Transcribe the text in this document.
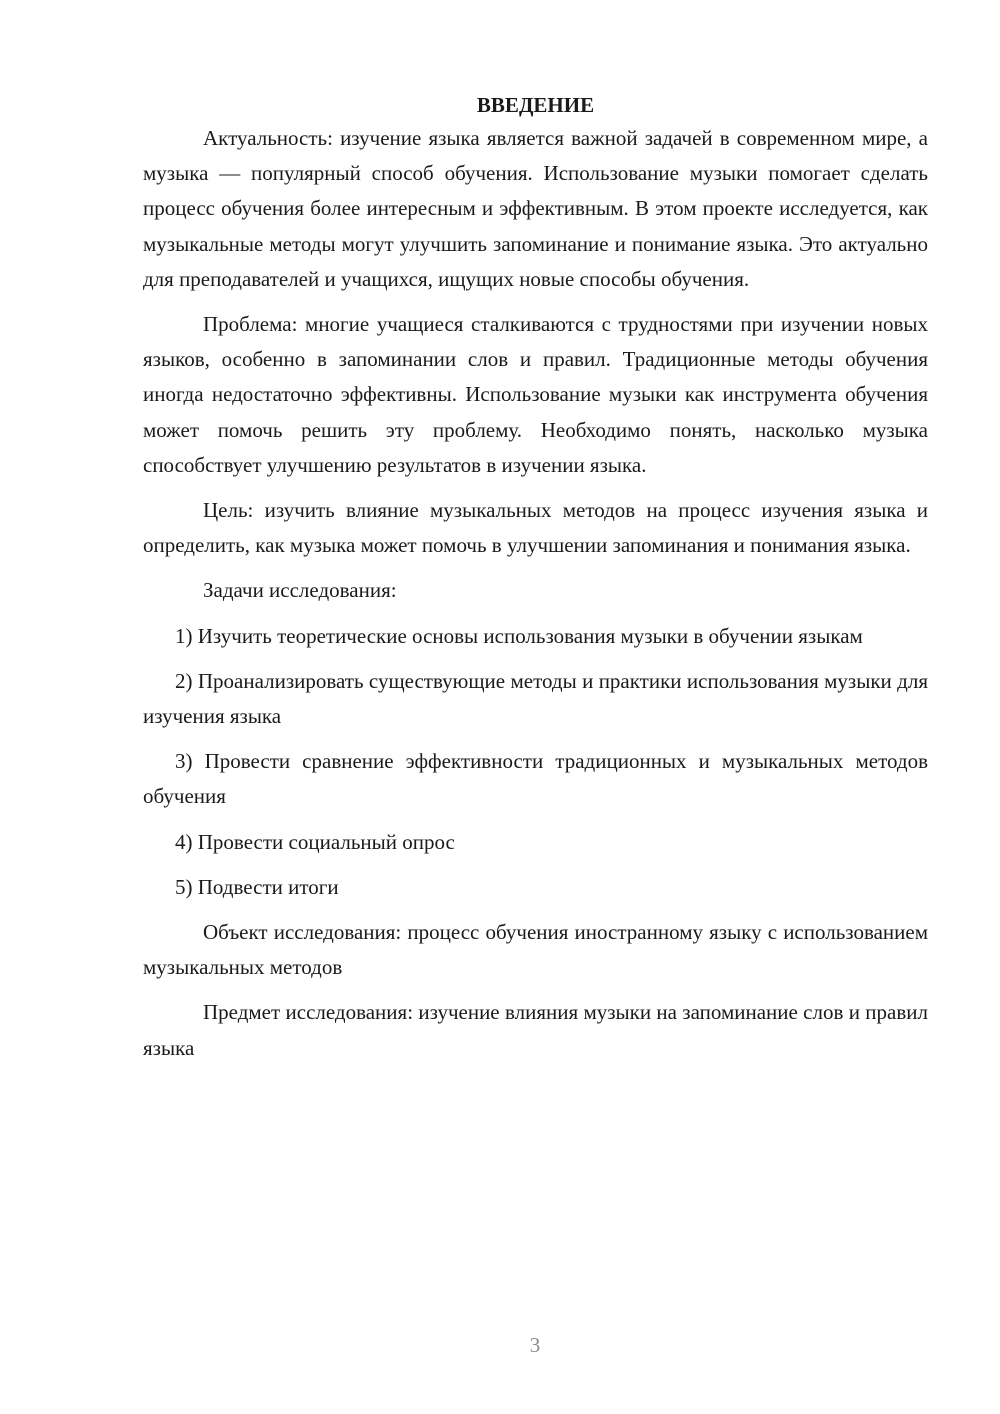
ВВЕДЕНИЕ

Актуальность: изучение языка является важной задачей в современном мире, а музыка — популярный способ обучения. Использование музыки помогает сделать процесс обучения более интересным и эффективным. В этом проекте исследуется, как музыкальные методы могут улучшить запоминание и понимание языка. Это актуально для преподавателей и учащихся, ищущих новые способы обучения.

Проблема: многие учащиеся сталкиваются с трудностями при изучении новых языков, особенно в запоминании слов и правил. Традиционные методы обучения иногда недостаточно эффективны. Использование музыки как инструмента обучения может помочь решить эту проблему. Необходимо понять, насколько музыка способствует улучшению результатов в изучении языка.

Цель: изучить влияние музыкальных методов на процесс изучения языка и определить, как музыка может помочь в улучшении запоминания и понимания языка.

Задачи исследования:

1) Изучить теоретические основы использования музыки в обучении языкам

2) Проанализировать существующие методы и практики использования музыки для изучения языка

3) Провести сравнение эффективности традиционных и музыкальных методов обучения

4) Провести социальный опрос

5) Подвести итоги

Объект исследования: процесс обучения иностранному языку с использованием музыкальных методов

Предмет исследования: изучение влияния музыки на запоминание слов и правил языка

3
